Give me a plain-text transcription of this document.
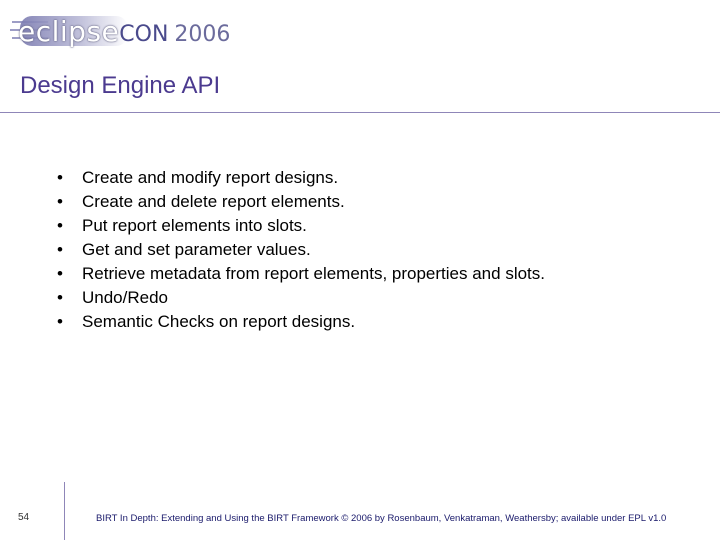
eclipseCON 2006
Design Engine API
• Create and modify report designs.
• Create and delete report elements.
• Put report elements into slots.
• Get and set parameter values.
• Retrieve metadata from report elements, properties and slots.
• Undo/Redo
• Semantic Checks on report designs.
54	BIRT In Depth: Extending and Using the BIRT Framework © 2006 by Rosenbaum, Venkatraman, Weathersby; available under EPL v1.0
